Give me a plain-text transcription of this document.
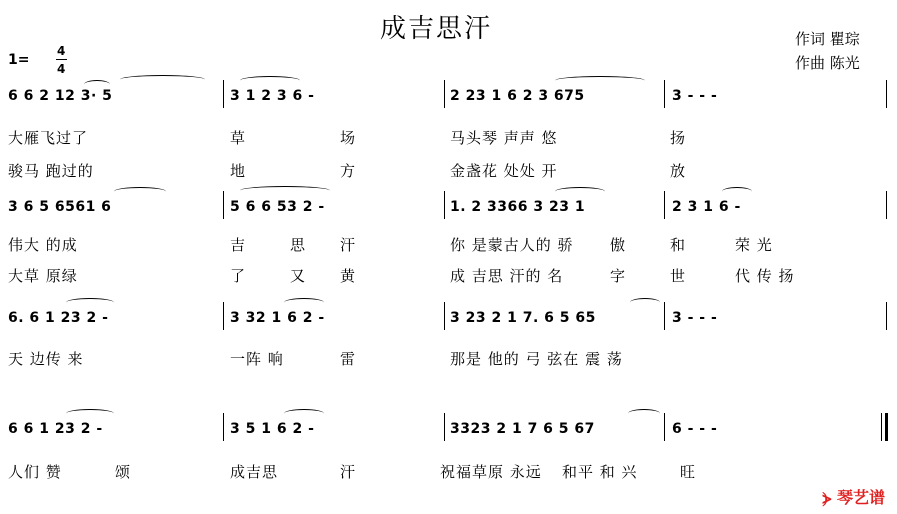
成吉思汗	作词 瞿琮
作曲 陈光
1=
4
4
6 6 2 12 3· 5	3 1 2 3 6 -	2 23 1 6 2 3 675	3 - - -
大雁飞过了	草	场	马头琴 声声 悠	扬
骏马 跑过的	地	方	金盏花 处处 开	放
3 6 5 6561 6	5 6 6 53 2 -	1. 2 3366 3 23 1	2 3 1 6 -
伟大 的成	吉	思 汗	你 是蒙古人的 骄 傲	和	荣 光
大草 原绿	了	又 黄	成 吉思 汗的 名	字	世	代 传 扬
6. 6 1 23 2 -	3 32 1 6 2 -	3 23 2 1 7. 6 5 65	3 - - -
天 边传 来	一阵 响	雷	那是 他的 弓 弦在 震 荡
6 6 1 23 2 -	3 5 1 6 2 -	3323 2 1 7 6 5 67	6 - - -
人们 赞	颂	成吉思	汗	祝福草原 永远 和平 和 兴	旺
⦔ 琴艺谱
